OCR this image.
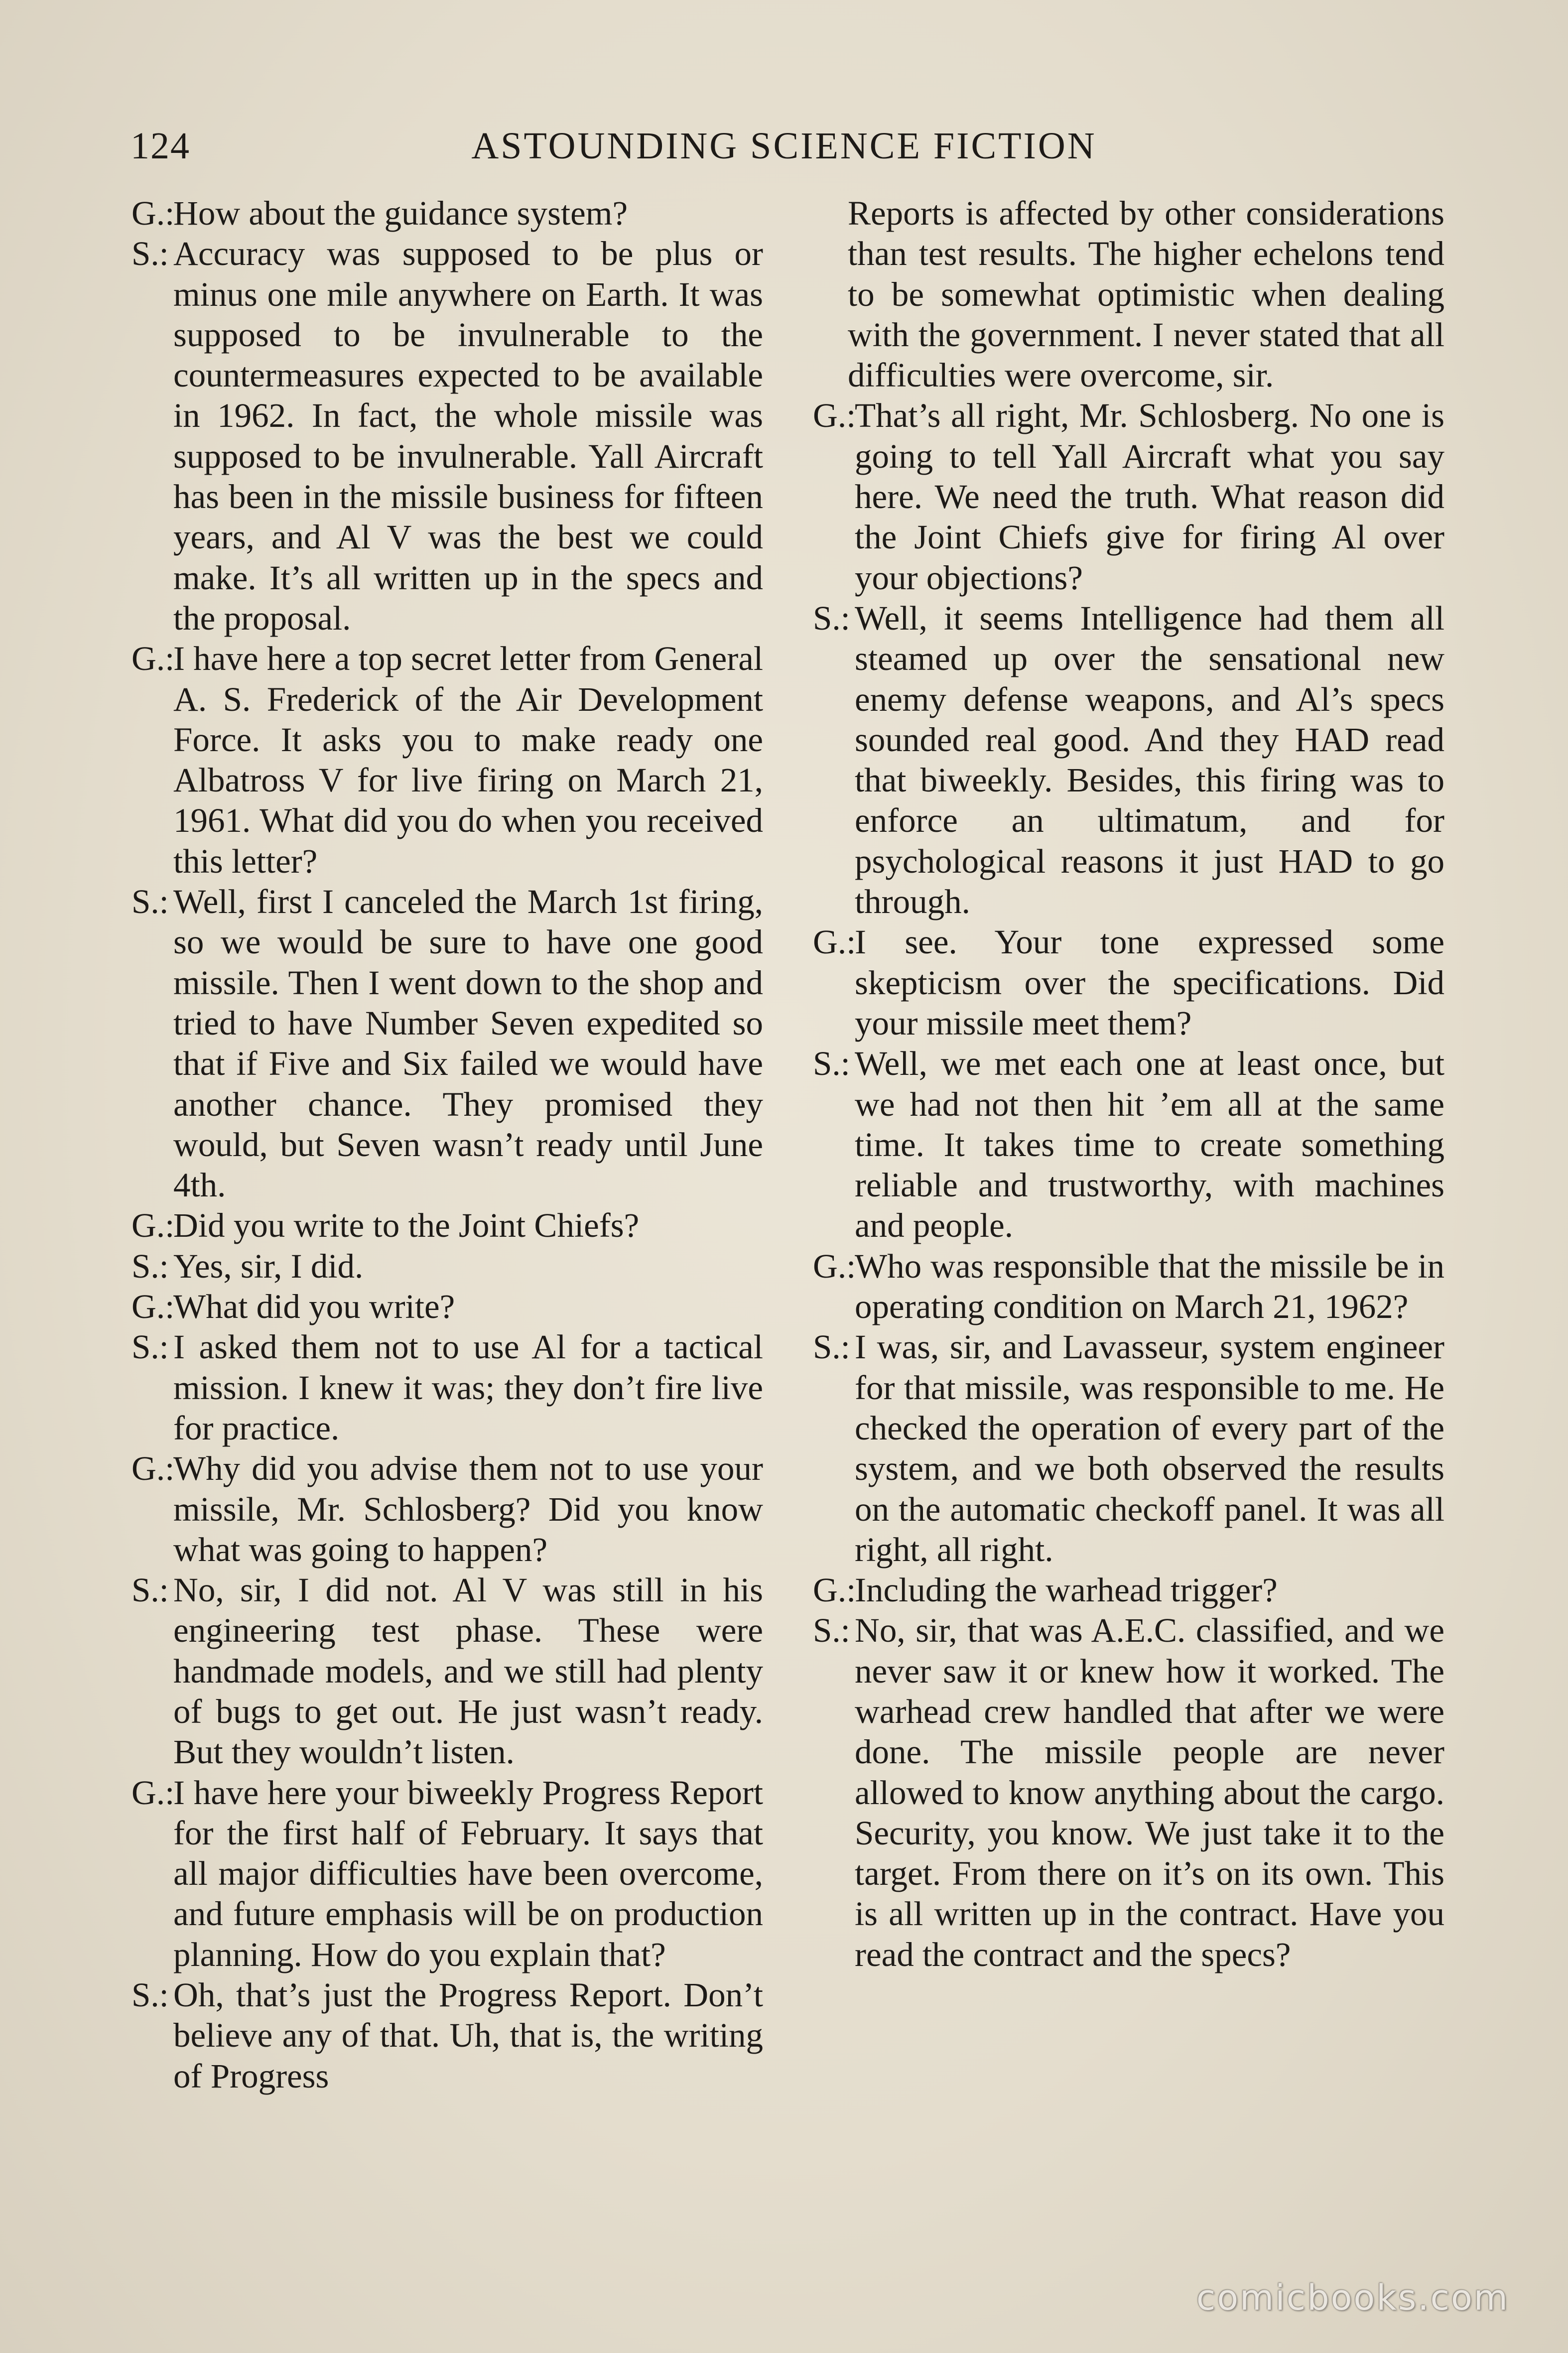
124	ASTOUNDING SCIENCE FICTION
G.:
How about the guidance system?
S.: Accuracy was supposed to be plus or minus one mile anywhere on Earth. It was supposed to be invulnerable to the countermeasures expected to be available in 1962. In fact, the whole missile was supposed to be invulnerable. Yall Aircraft has been in the missile business for fifteen years, and Al V was the best we could make. It’s all written up in the specs and the proposal.
G.:
I have here a top secret letter from General A. S. Frederick of the Air Development Force. It asks you to make ready one Albatross V for live firing on March 21, 1961. What did you do when you received this letter?
S.: Well, first I canceled the March 1st firing, so we would be sure to have one good missile. Then I went down to the shop and tried to have Number Seven expedited so that if Five and Six failed we would have another chance. They promised they would, but Seven wasn’t ready until June 4th.
G.:
Did you write to the Joint Chiefs?
S.: Yes, sir, I did.
G.:
What did you write?
S.: I asked them not to use Al for a tactical mission. I knew it was; they don’t fire live for practice.
G.:
Why did you advise them not to use your missile, Mr. Schlosberg? Did you know what was going to happen?
S.: No, sir, I did not. Al V was still in his engineering test phase. These were handmade models, and we still had plenty of bugs to get out. He just wasn’t ready. But they wouldn’t listen.
G.:
I have here your biweekly Progress Report for the first half of February. It says that all major difficulties have been overcome, and future emphasis will be on production planning. How do you explain that?
S.: Oh, that’s just the Progress Report. Don’t believe any of that. Uh, that is, the writing of Progress
Reports is affected by other considerations than test results. The higher echelons tend to be somewhat optimistic when dealing with the government. I never stated that all difficulties were overcome, sir.
G.:
That’s all right, Mr. Schlosberg. No one is going to tell Yall Aircraft what you say here. We need the truth. What reason did the Joint Chiefs give for firing Al over your objections?
S.: Well, it seems Intelligence had them all steamed up over the sensational new enemy defense weapons, and Al’s specs sounded real good. And they HAD read that biweekly. Besides, this firing was to enforce an ultimatum, and for psychological reasons it just HAD to go through.
G.:
I see. Your tone expressed some skepticism over the specifications. Did your missile meet them?
S.: Well, we met each one at least once, but we had not then hit ’em all at the same time. It takes time to create something reliable and trustworthy, with machines and people.
G.:
Who was responsible that the missile be in operating condition on March 21, 1962?
S.: I was, sir, and Lavasseur, system engineer for that missile, was responsible to me. He checked the operation of every part of the system, and we both observed the results on the automatic checkoff panel. It was all right, all right.
G.:
Including the warhead trigger?
S.: No, sir, that was A.E.C. classified, and we never saw it or knew how it worked. The warhead crew handled that after we were done. The missile people are never allowed to know anything about the cargo. Security, you know. We just take it to the target. From there on it’s on its own. This is all written up in the contract. Have you read the contract and the specs?
comicbooks.com
